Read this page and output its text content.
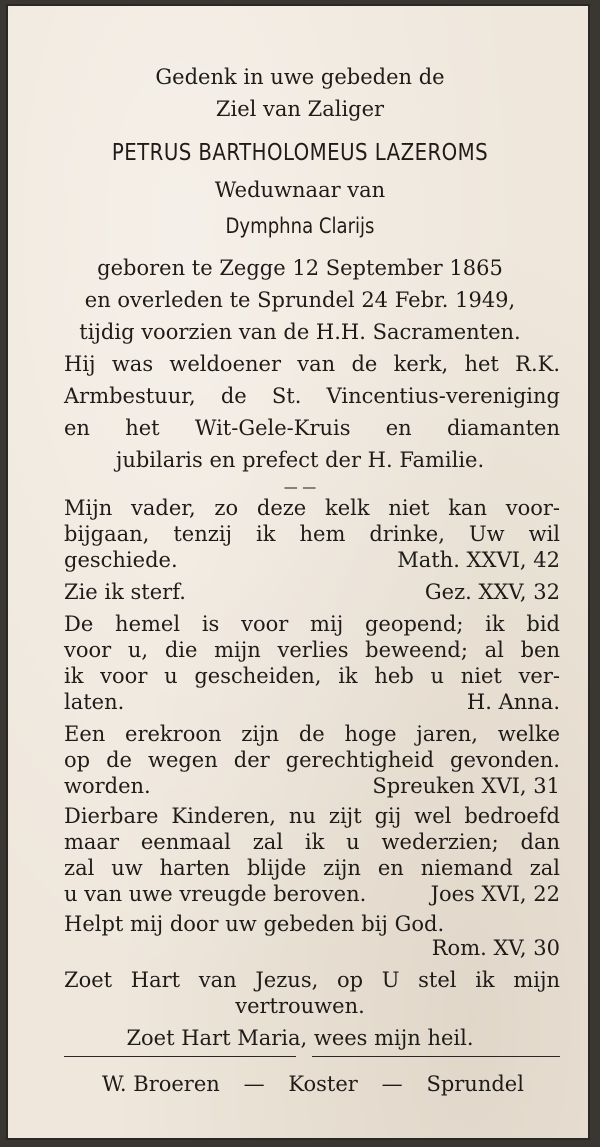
Gedenk in uwe gebeden de
Ziel van Zaliger
PETRUS BARTHOLOMEUS LAZEROMS
Weduwnaar van
Dymphna Clarijs
geboren te Zegge 12 September 1865
en overleden te Sprundel 24 Febr. 1949,
tijdig voorzien van de H.H. Sacramenten.
Hij was weldoener van de kerk, het R.K.
Armbestuur, de St. Vincentius-vereniging
en het Wit-Gele-Kruis en diamanten
jubilaris en prefect der H. Familie.
— —
Mijn vader, zo deze kelk niet kan voor-
bijgaan, tenzij ik hem drinke, Uw wil
geschiede.	Math. XXVI, 42
Zie ik sterf.	Gez. XXV, 32
De hemel is voor mij geopend; ik bid
voor u, die mijn verlies beweend; al ben
ik voor u gescheiden, ik heb u niet ver-
laten.	H. Anna.
Een erekroon zijn de hoge jaren, welke
op de wegen der gerechtigheid gevonden.
worden.	Spreuken XVI, 31
Dierbare Kinderen, nu zijt gij wel bedroefd
maar eenmaal zal ik u wederzien; dan
zal uw harten blijde zijn en niemand zal
u van uwe vreugde beroven.	Joes XVI, 22
Helpt mij door uw gebeden bij God.
Rom. XV, 30
Zoet Hart van Jezus, op U stel ik mijn
vertrouwen.
Zoet Hart Maria, wees mijn heil.
W. Broeren — Koster — Sprundel
